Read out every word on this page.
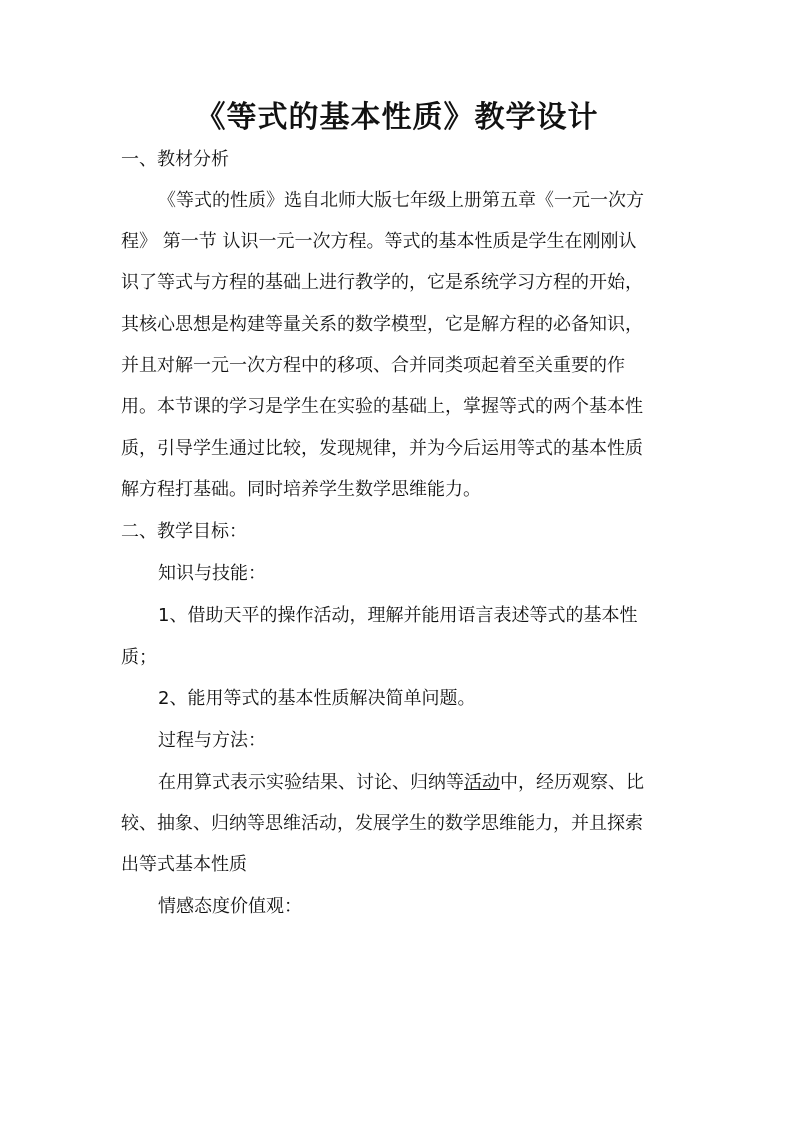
《等式的基本性质》教学设计
一、教材分析
《等式的性质》选自北师大版七年级上册第五章《一元一次方
程》 第一节 认识一元一次方程。等式的基本性质是学生在刚刚认
识了等式与方程的基础上进行教学的，它是系统学习方程的开始，
其核心思想是构建等量关系的数学模型，它是解方程的必备知识，
并且对解一元一次方程中的移项、合并同类项起着至关重要的作
用。本节课的学习是学生在实验的基础上，掌握等式的两个基本性
质，引导学生通过比较，发现规律，并为今后运用等式的基本性质
解方程打基础。同时培养学生数学思维能力。
二、教学目标：
知识与技能：
1、借助天平的操作活动，理解并能用语言表述等式的基本性
质；
2、能用等式的基本性质解决简单问题。
过程与方法：
在用算式表示实验结果、讨论、归纳等活动中，经历观察、比
较、抽象、归纳等思维活动，发展学生的数学思维能力，并且探索
出等式基本性质
情感态度价值观：
